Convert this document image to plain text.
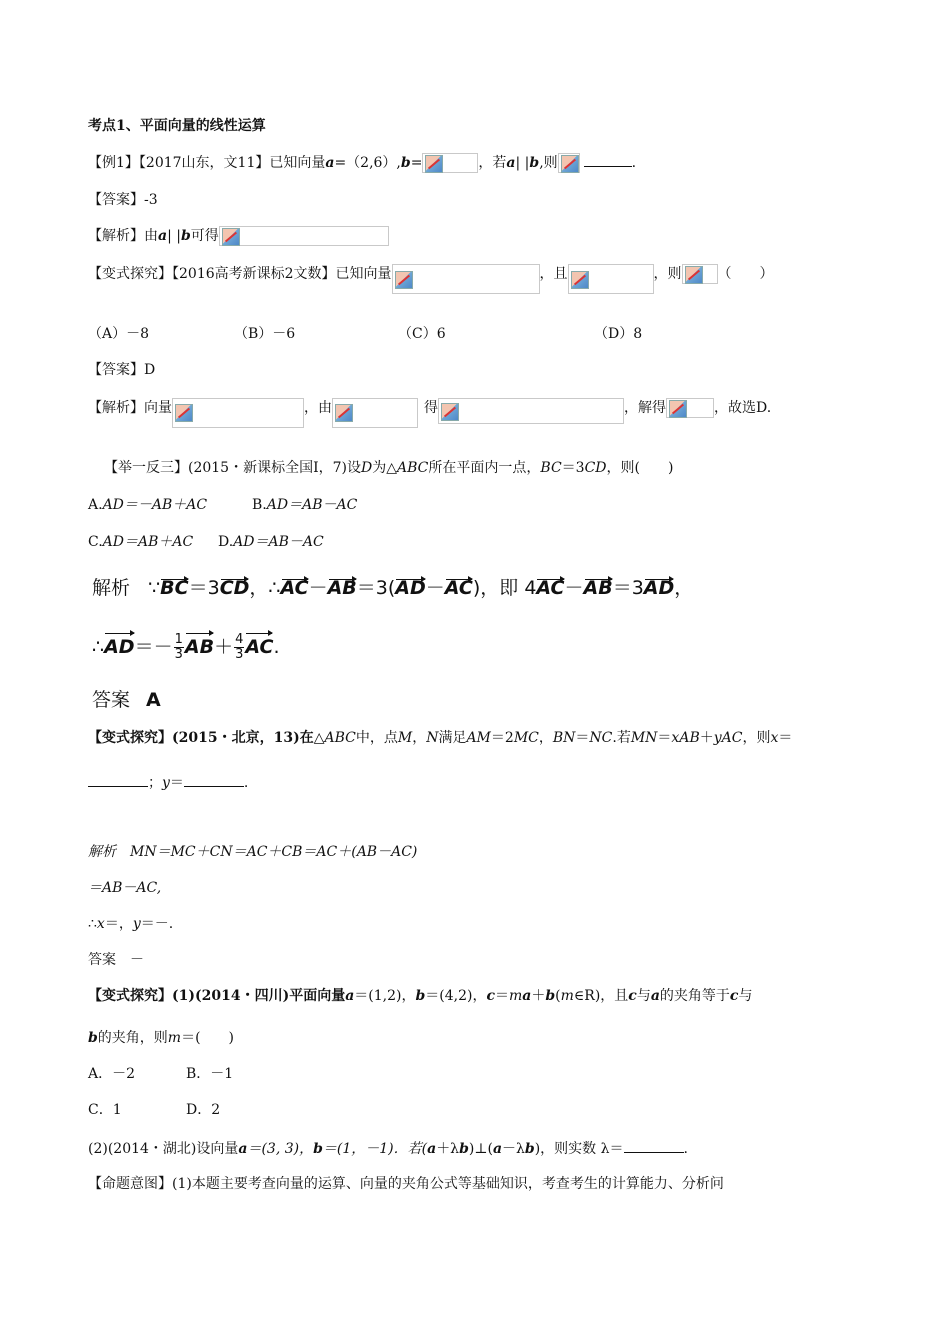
考点1、平面向量的线性运算
【例1】【2017山东，文11】已知向量a=（2,6）,b=	，若a| |b,则	.
【答案】-3
【解析】由a| |b可得
【变式探究】【2016高考新课标2文数】已知向量	，且	，则	（　　）
（A）－8	（B）－6	（C）6	（D）8
【答案】D
【解析】向量	，由	得	，解得	，故选D.
【举一反三】(2015・新课标全国Ⅰ，7)设D为△ABC所在平面内一点，BC＝3CD，则(　　)
A.AD＝－AB＋AC	B.AD＝AB－AC
C.AD＝AB＋AC D.AD＝AB－AC
解析 ∵BC＝3CD，∴AC－AB＝3(AD－AC)，即 4AC－AB＝3AD，
∴AD＝－ $\frac{1}{3} AB+ \frac{4}{3}$ AC.
答案 A
【变式探究】(2015・北京，13)在△ABC中，点M，N满足AM＝2MC，BN＝NC.若MN＝xAB＋yAC，则x＝
；y＝	.
解析　MN＝MC＋CN＝AC＋CB＝AC＋(AB－AC)
＝AB－AC,
∴x＝，y＝－.
答案　－
【变式探究】(1)(2014・四川)平面向量a＝(1,2)，b＝(4,2)，c＝ma＋b(m∈R)，且c与a的夹角等于c与
b的夹角，则m＝(　　)
A．－2	B．－1
C．1	D．2
(2)(2014・湖北)设向量a＝(3, 3)，b＝(1，－1)．若(a＋λb)⊥(a－λb)，则实数 λ＝	.
【命题意图】(1)本题主要考查向量的运算、向量的夹角公式等基础知识，考查考生的计算能力、分析问
